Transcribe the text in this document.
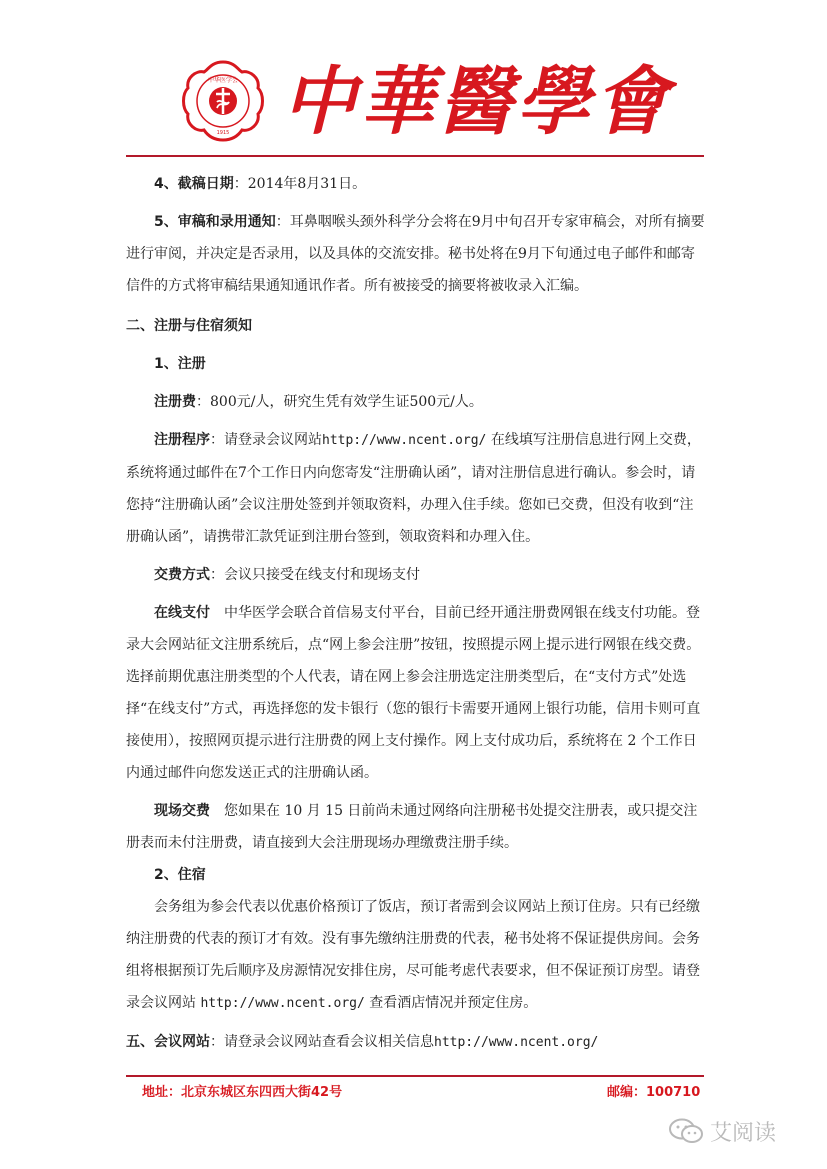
中华医学会
1915 中華醫學會

4、截稿日期：2014年8月31日。

5、审稿和录用通知：耳鼻咽喉头颈外科学分会将在9月中旬召开专家审稿会，对所有摘要进行审阅，并决定是否录用，以及具体的交流安排。秘书处将在9月下旬通过电子邮件和邮寄信件的方式将审稿结果通知通讯作者。所有被接受的摘要将被收录入汇编。

二、注册与住宿须知

1、注册

注册费：800元/人，研究生凭有效学生证500元/人。

注册程序：请登录会议网站http://www.ncent.org/ 在线填写注册信息进行网上交费，系统将通过邮件在7个工作日内向您寄发“注册确认函”，请对注册信息进行确认。参会时，请您持“注册确认函”会议注册处签到并领取资料，办理入住手续。您如已交费，但没有收到“注册确认函”，请携带汇款凭证到注册台签到，领取资料和办理入住。

交费方式：会议只接受在线支付和现场支付

在线支付　中华医学会联合首信易支付平台，目前已经开通注册费网银在线支付功能。登录大会网站征文注册系统后，点“网上参会注册”按钮，按照提示网上提示进行网银在线交费。选择前期优惠注册类型的个人代表，请在网上参会注册选定注册类型后，在“支付方式”处选择“在线支付”方式，再选择您的发卡银行（您的银行卡需要开通网上银行功能，信用卡则可直接使用），按照网页提示进行注册费的网上支付操作。网上支付成功后，系统将在 2 个工作日内通过邮件向您发送正式的注册确认函。

现场交费　您如果在 10 月 15 日前尚未通过网络向注册秘书处提交注册表，或只提交注册表而未付注册费，请直接到大会注册现场办理缴费注册手续。

2、住宿

会务组为参会代表以优惠价格预订了饭店，预订者需到会议网站上预订住房。只有已经缴纳注册费的代表的预订才有效。没有事先缴纳注册费的代表，秘书处将不保证提供房间。会务组将根据预订先后顺序及房源情况安排住房，尽可能考虑代表要求，但不保证预订房型。请登录会议网站 http://www.ncent.org/ 查看酒店情况并预定住房。

五、会议网站：请登录会议网站查看会议相关信息http://www.ncent.org/

地址：北京东城区东四西大街42号	邮编：100710
艾阅读
